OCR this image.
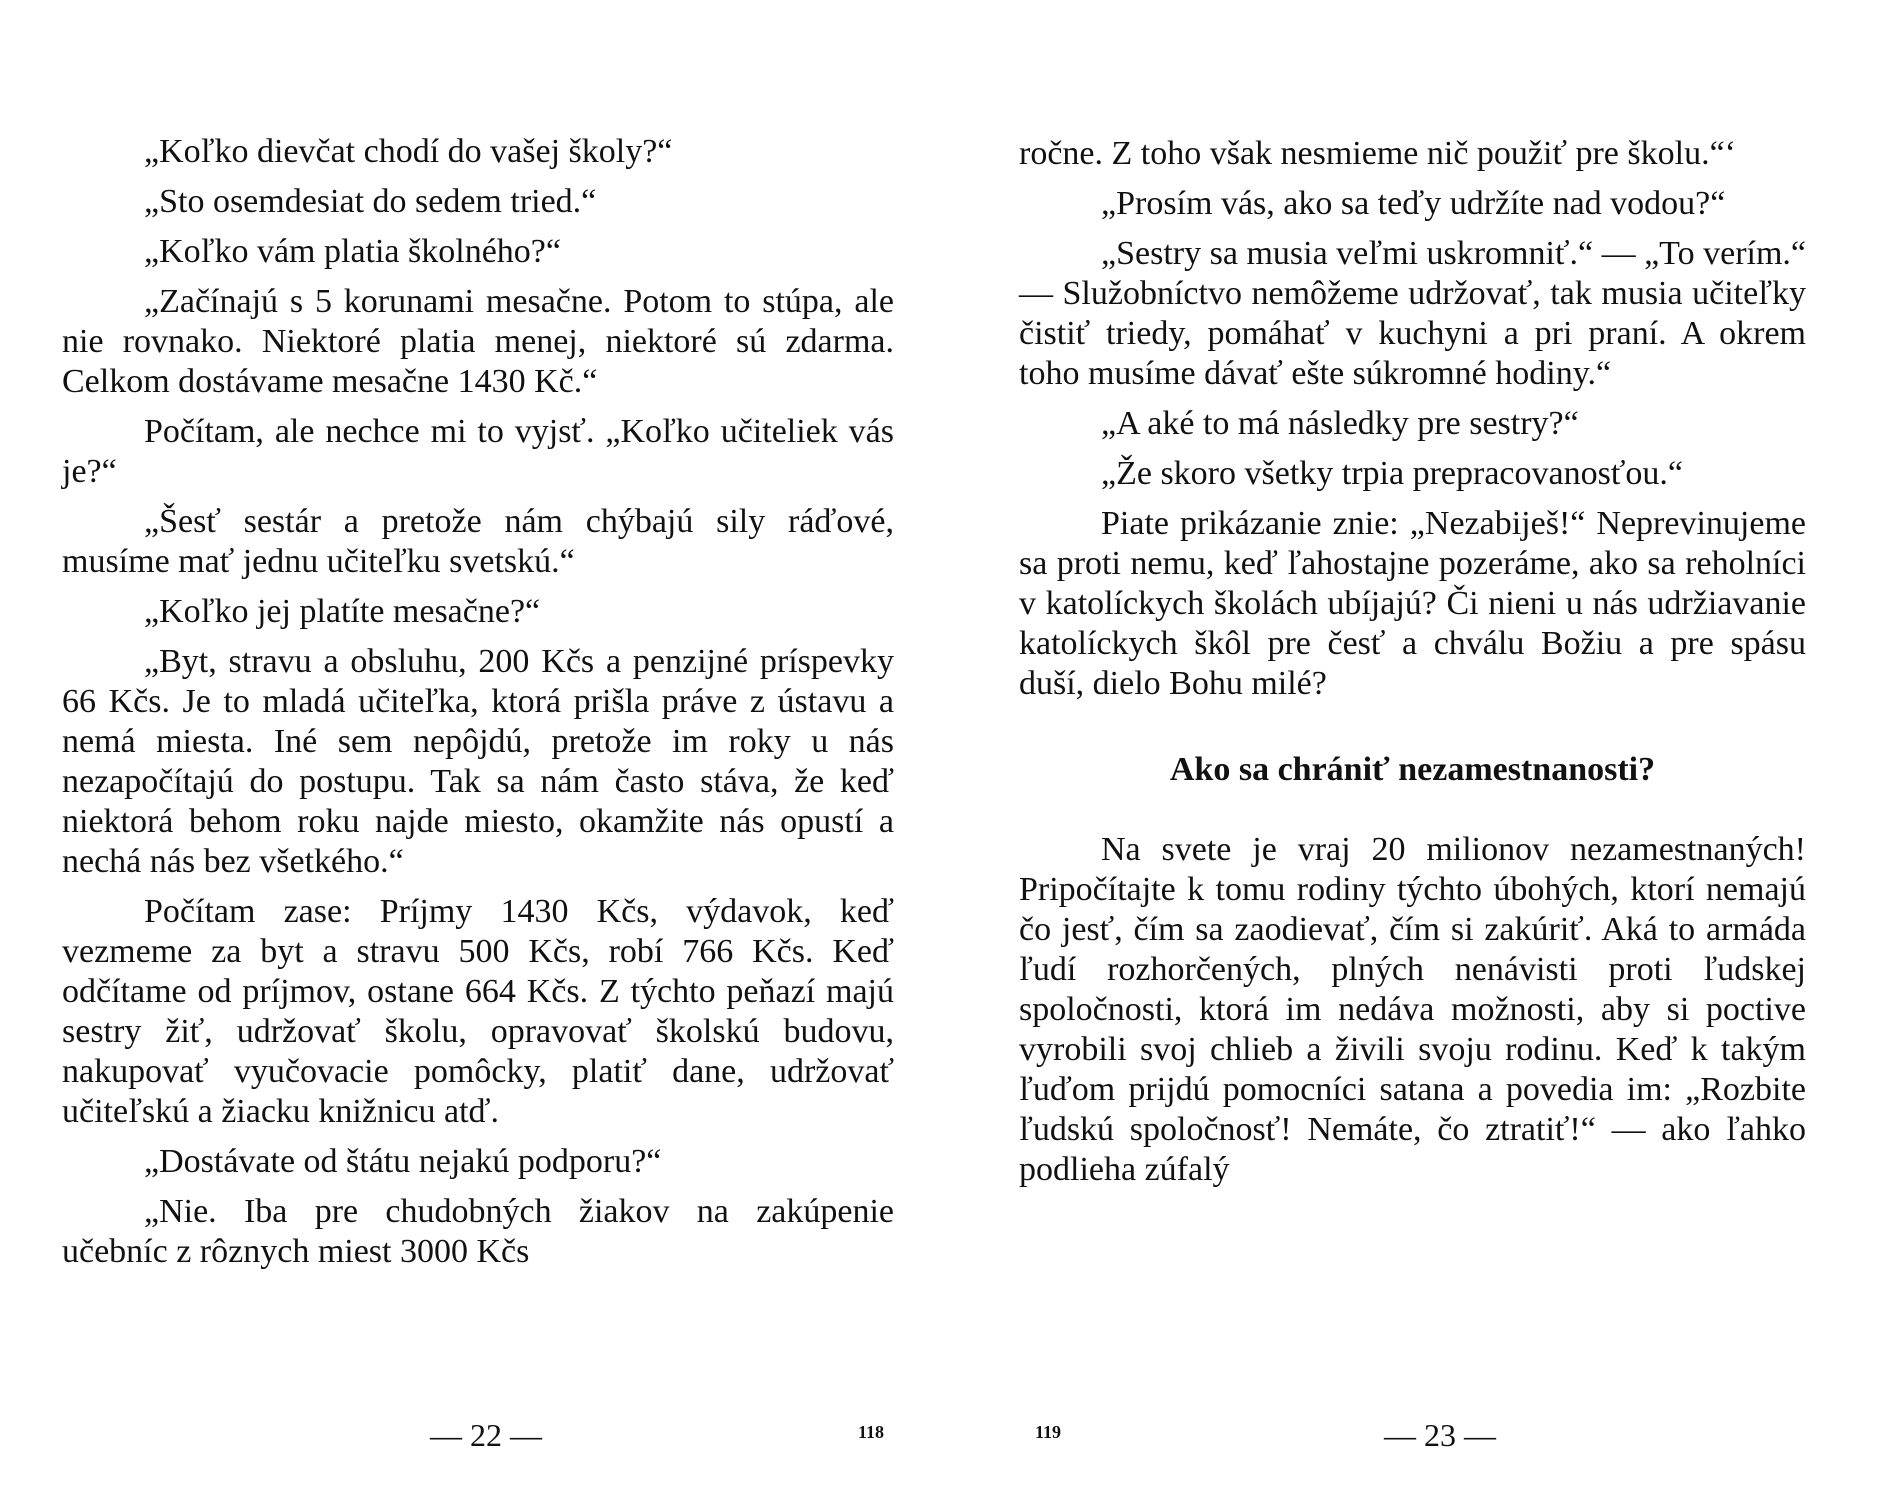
„Koľko dievčat chodí do vašej školy?“

„Sto osemdesiat do sedem tried.“

„Koľko vám platia školného?“

„Začínajú s 5 korunami mesačne. Potom to stúpa, ale nie rovnako. Niektoré platia menej, niektoré sú zdarma. Celkom dostávame mesačne 1430 Kč.“

Počítam, ale nechce mi to vyjsť. „Koľko učiteliek vás je?“

„Šesť sestár a pretože nám chýbajú sily ráďové, musíme mať jednu učiteľku svetskú.“

„Koľko jej platíte mesačne?“

„Byt, stravu a obsluhu, 200 Kčs a penzijné príspevky 66 Kčs. Je to mladá učiteľka, ktorá prišla práve z ústavu a nemá miesta. Iné sem nepôjdú, pretože im roky u nás nezapočítajú do postupu. Tak sa nám často stáva, že keď niektorá behom roku najde miesto, okamžite nás opustí a nechá nás bez všetkého.“

Počítam zase: Príjmy 1430 Kčs, výdavok, keď vezmeme za byt a stravu 500 Kčs, robí 766 Kčs. Keď odčítame od príjmov, ostane 664 Kčs. Z týchto peňazí majú sestry žiť, udržovať školu, opravovať školskú budovu, nakupovať vyučovacie pomôcky, platiť dane, udržovať učiteľskú a žiacku knižnicu atď.

„Dostávate od štátu nejakú podporu?“

„Nie. Iba pre chudobných žiakov na zakúpenie učebníc z rôznych miest 3000 Kčs

— 22 —	118

ročne. Z toho však nesmieme nič použiť pre školu.“‘

„Prosím vás, ako sa teďy udržíte nad vodou?“

„Sestry sa musia veľmi uskromniť.“ — „To verím.“ — Služobníctvo nemôžeme udržovať, tak musia učiteľky čistiť triedy, pomáhať v kuchyni a pri praní. A okrem toho musíme dávať ešte súkromné hodiny.“

„A aké to má následky pre sestry?“

„Že skoro všetky trpia prepracovanosťou.“

Piate prikázanie znie: „Nezabiješ!“ Neprevinujeme sa proti nemu, keď ľahostajne pozeráme, ako sa reholníci v katolíckych školách ubíjajú? Či nieni u nás udržiavanie katolíckych škôl pre česť a chválu Božiu a pre spásu duší, dielo Bohu milé?

Ako sa chrániť nezamestnanosti?

Na svete je vraj 20 milionov nezamestnaných! Pripočítajte k tomu rodiny týchto úbohých, ktorí nemajú čo jesť, čím sa zaodievať, čím si zakúriť. Aká to armáda ľudí rozhorčených, plných nenávisti proti ľudskej spoločnosti, ktorá im nedáva možnosti, aby si poctive vyrobili svoj chlieb a živili svoju rodinu. Keď k takým ľuďom prijdú pomocníci satana a povedia im: „Rozbite ľudskú spoločnosť! Nemáte, čo ztratiť!“ — ako ľahko podlieha zúfalý

119	— 23 —
